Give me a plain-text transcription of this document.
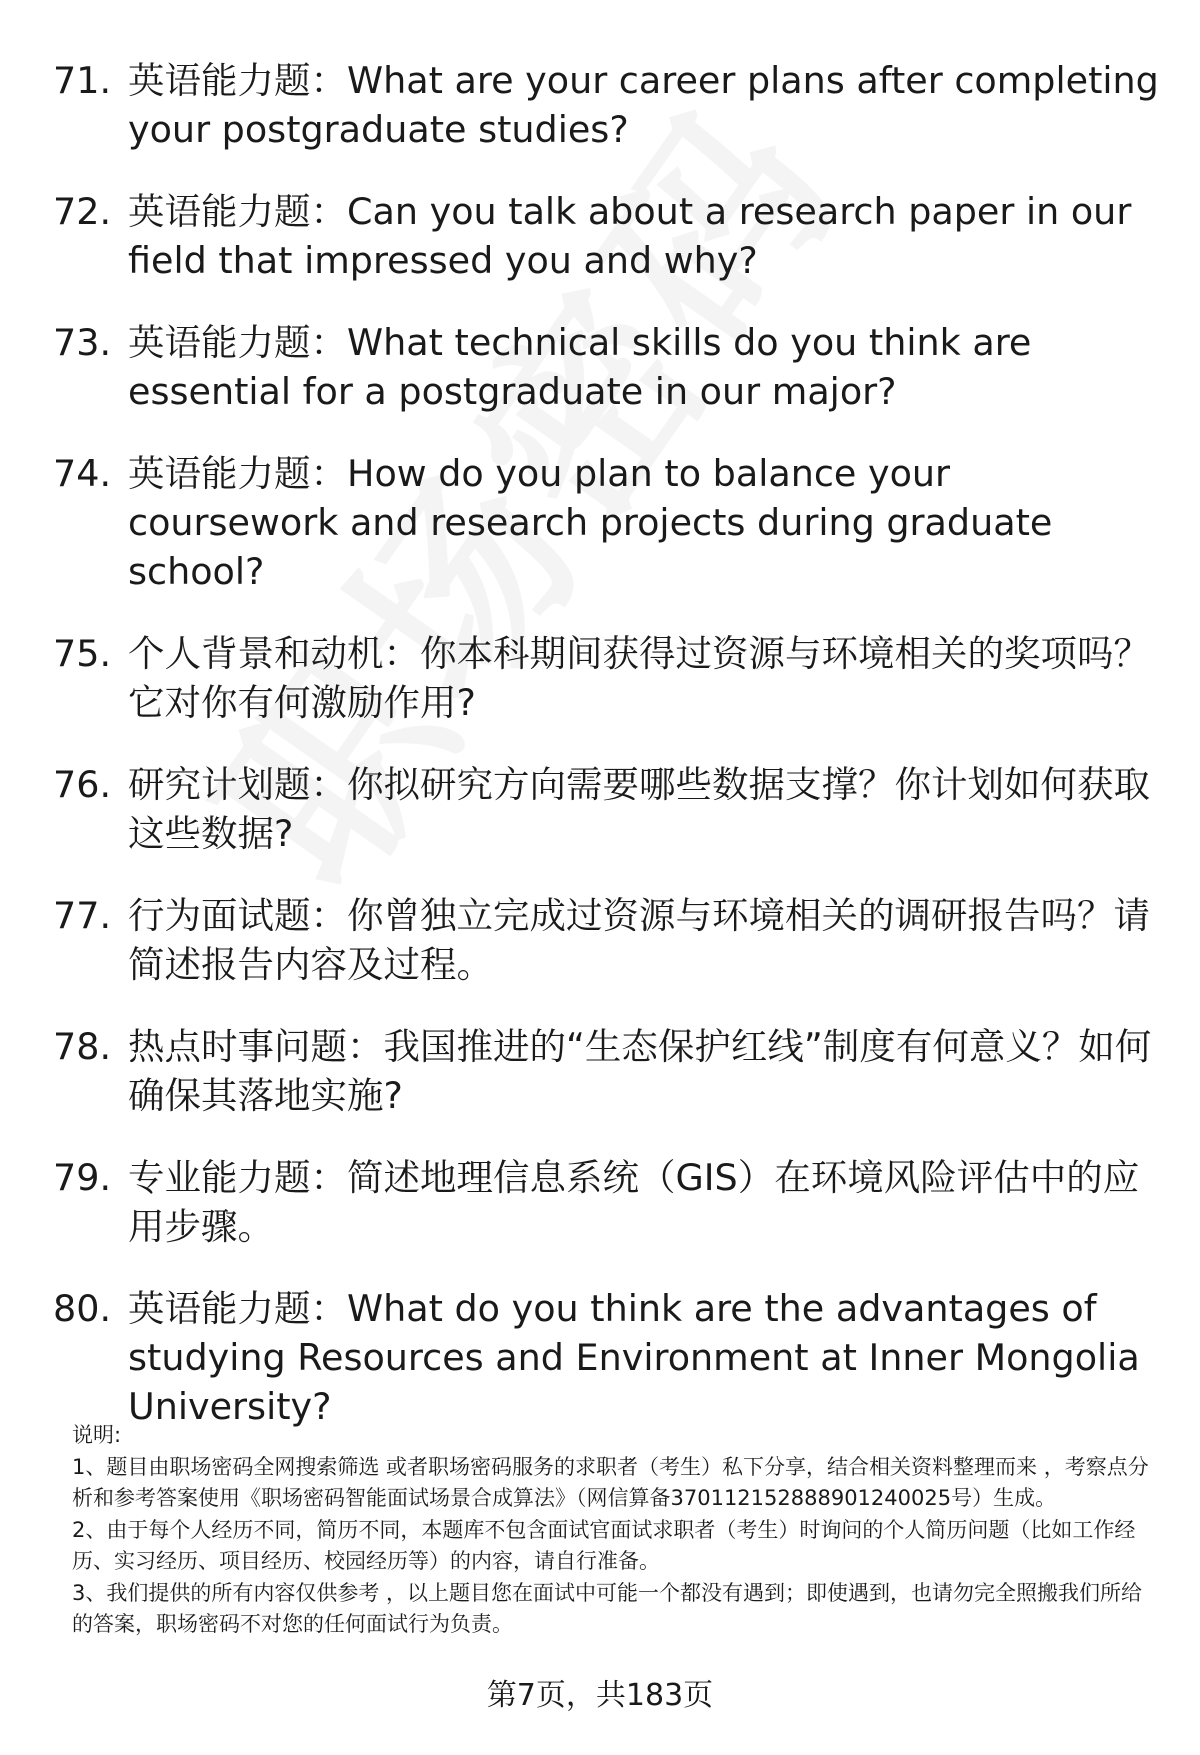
71. 英语能力题：What are your career plans after completing your postgraduate studies?
72. 英语能力题：Can you talk about a research paper in our field that impressed you and why?
73. 英语能力题：What technical skills do you think are essential for a postgraduate in our major?
74. 英语能力题：How do you plan to balance your coursework and research projects during graduate school?
75. 个人背景和动机：你本科期间获得过资源与环境相关的奖项吗？它对你有何激励作用?
76. 研究计划题：你拟研究方向需要哪些数据支撑？你计划如何获取这些数据?
77. 行为面试题：你曾独立完成过资源与环境相关的调研报告吗？请简述报告内容及过程。
78. 热点时事问题：我国推进的“生态保护红线”制度有何意义？如何确保其落地实施?
79. 专业能力题：简述地理信息系统（GIS）在环境风险评估中的应用步骤。
80. 英语能力题：What do you think are the advantages of studying Resources and Environment at Inner Mongolia University?

说明:

1、题目由职场密码全网搜索筛选 或者职场密码服务的求职者（考生）私下分享，结合相关资料整理而来 ，考察点分析和参考答案使用《职场密码智能面试场景合成算法》（网信算备370112152888901240025号）生成。

2、由于每个人经历不同，简历不同，本题库不包含面试官面试求职者（考生）时询问的个人简历问题（比如工作经历、实习经历、项目经历、校园经历等）的内容，请自行准备。

3、我们提供的所有内容仅供参考 ，以上题目您在面试中可能一个都没有遇到；即使遇到，也请勿完全照搬我们所给的答案，职场密码不对您的任何面试行为负责。

第7页，共183页
